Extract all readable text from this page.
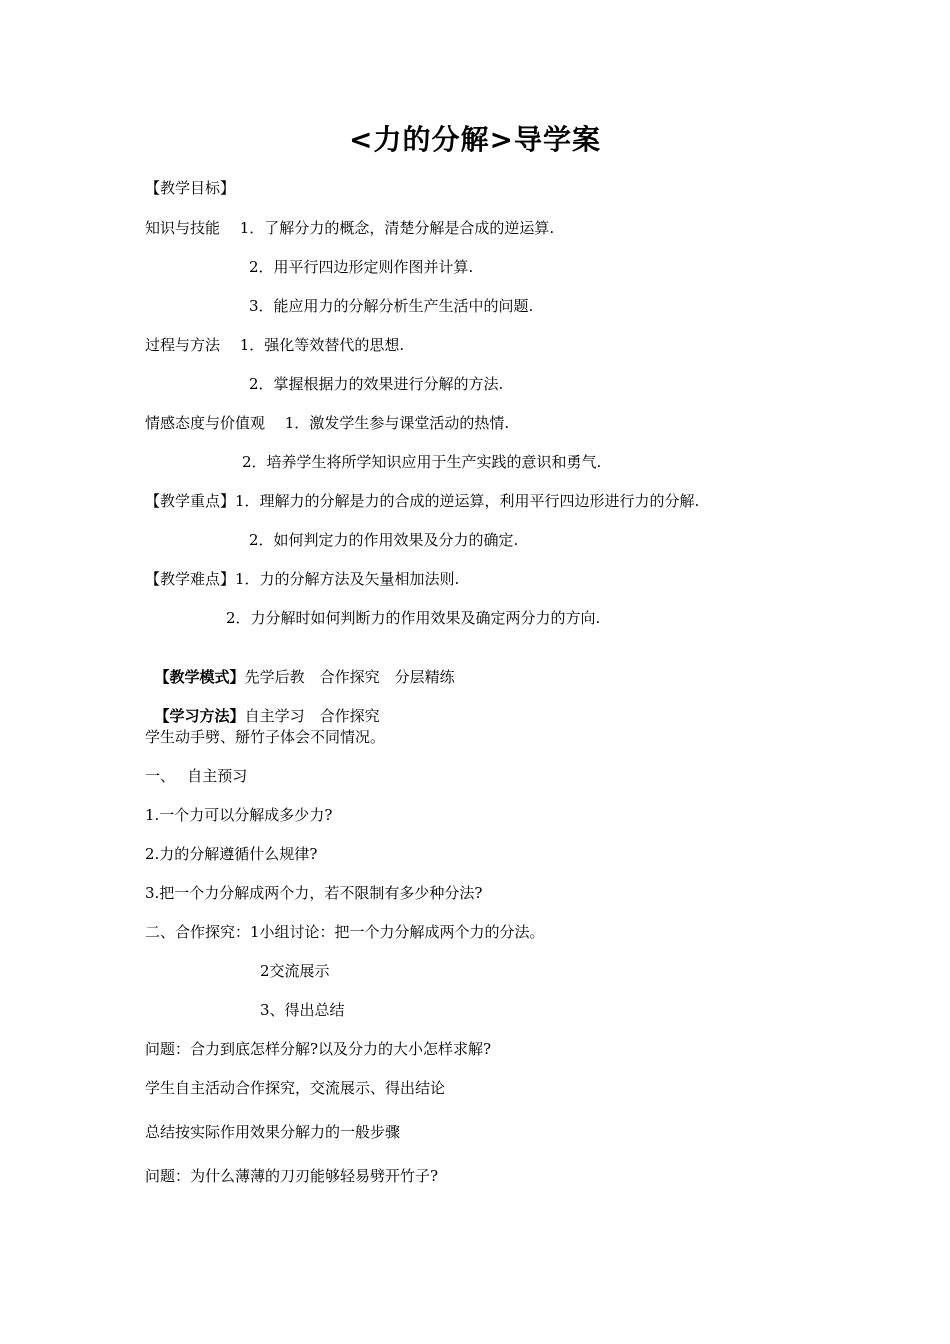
<力的分解>导学案
【教学目标】
知识与技能　 1．了解分力的概念，清楚分解是合成的逆运算.
2．用平行四边形定则作图并计算.
3．能应用力的分解分析生产生活中的问题.
过程与方法　 1．强化等效替代的思想.
2．掌握根据力的效果进行分解的方法.
情感态度与价值观　 1．激发学生参与课堂活动的热情.
2．培养学生将所学知识应用于生产实践的意识和勇气.
【教学重点】1．理解力的分解是力的合成的逆运算，利用平行四边形进行力的分解.
2．如何判定力的作用效果及分力的确定.
【教学难点】1．力的分解方法及矢量相加法则.
2．力分解时如何判断力的作用效果及确定两分力的方向.

【教学模式】先学后教　合作探究　分层精练

【学习方法】自主学习　合作探究

学生动手劈、掰竹子体会不同情况。
一、　 自主预习
1.一个力可以分解成多少力?
2.力的分解遵循什么规律?
3.把一个力分解成两个力，若不限制有多少种分法?
二、合作探究：1小组讨论：把一个力分解成两个力的分法。
2交流展示
3、得出总结
问题：合力到底怎样分解?以及分力的大小怎样求解?
学生自主活动合作探究，交流展示、得出结论
总结按实际作用效果分解力的一般步骤
问题：为什么薄薄的刀刃能够轻易劈开竹子?
